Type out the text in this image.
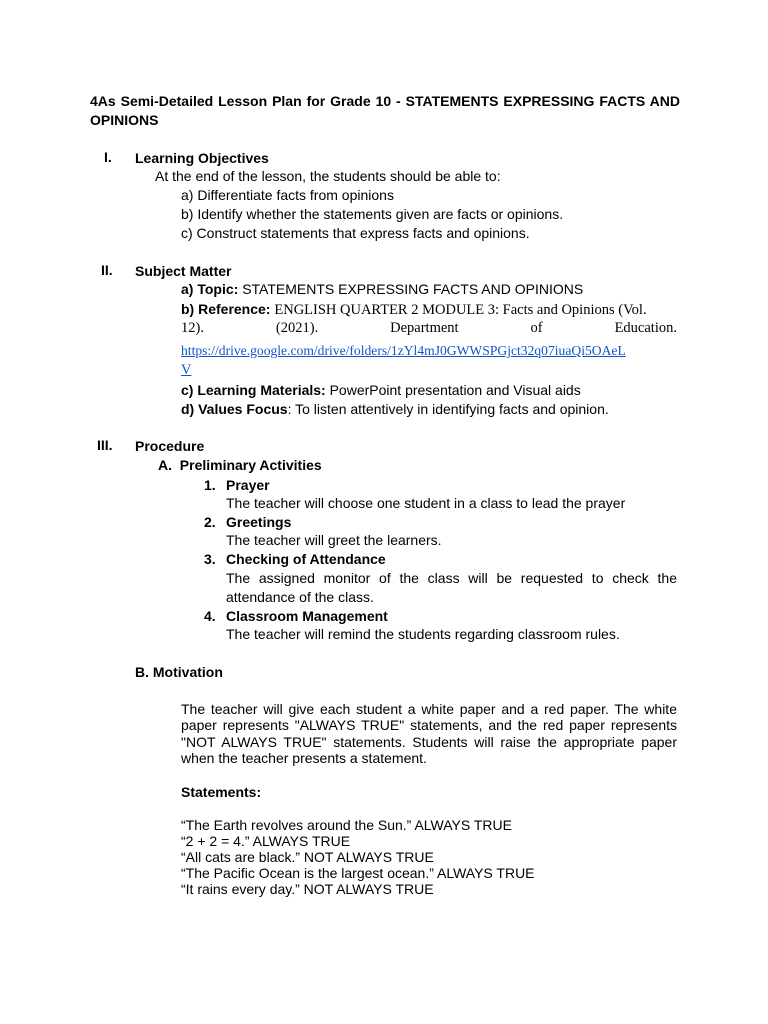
4As Semi-Detailed Lesson Plan for Grade 10 - STATEMENTS EXPRESSING FACTS AND OPINIONS
I.	Learning Objectives
At the end of the lesson, the students should be able to:
a) Differentiate facts from opinions
b) Identify whether the statements given are facts or opinions.
c) Construct statements that express facts and opinions.
II.	Subject Matter
a) Topic: STATEMENTS EXPRESSING FACTS AND OPINIONS
b) Reference: ENGLISH QUARTER 2 MODULE 3: Facts and Opinions (Vol.
12).	(2021).	Department	of	Education.
https://drive.google.com/drive/folders/1zYl4mJ0GWWSPGjct32q07iuaQi5OAeL
V
c) Learning Materials: PowerPoint presentation and Visual aids
d) Values Focus: To listen attentively in identifying facts and opinion.
III.	Procedure
A.  Preliminary Activities
1. Prayer
The teacher will choose one student in a class to lead the prayer
2. Greetings
The teacher will greet the learners.
3. Checking of Attendance
The assigned monitor of the class will be requested to check the
attendance of the class.
4. Classroom Management
The teacher will remind the students regarding classroom rules.
B. Motivation
The teacher will give each student a white paper and a red paper. The white paper represents "ALWAYS TRUE" statements, and the red paper represents "NOT ALWAYS TRUE" statements. Students will raise the appropriate paper when the teacher presents a statement.
Statements:
“The Earth revolves around the Sun.” ALWAYS TRUE
“2 + 2 = 4.” ALWAYS TRUE
“All cats are black.” NOT ALWAYS TRUE
“The Pacific Ocean is the largest ocean.” ALWAYS TRUE
“It rains every day.” NOT ALWAYS TRUE
